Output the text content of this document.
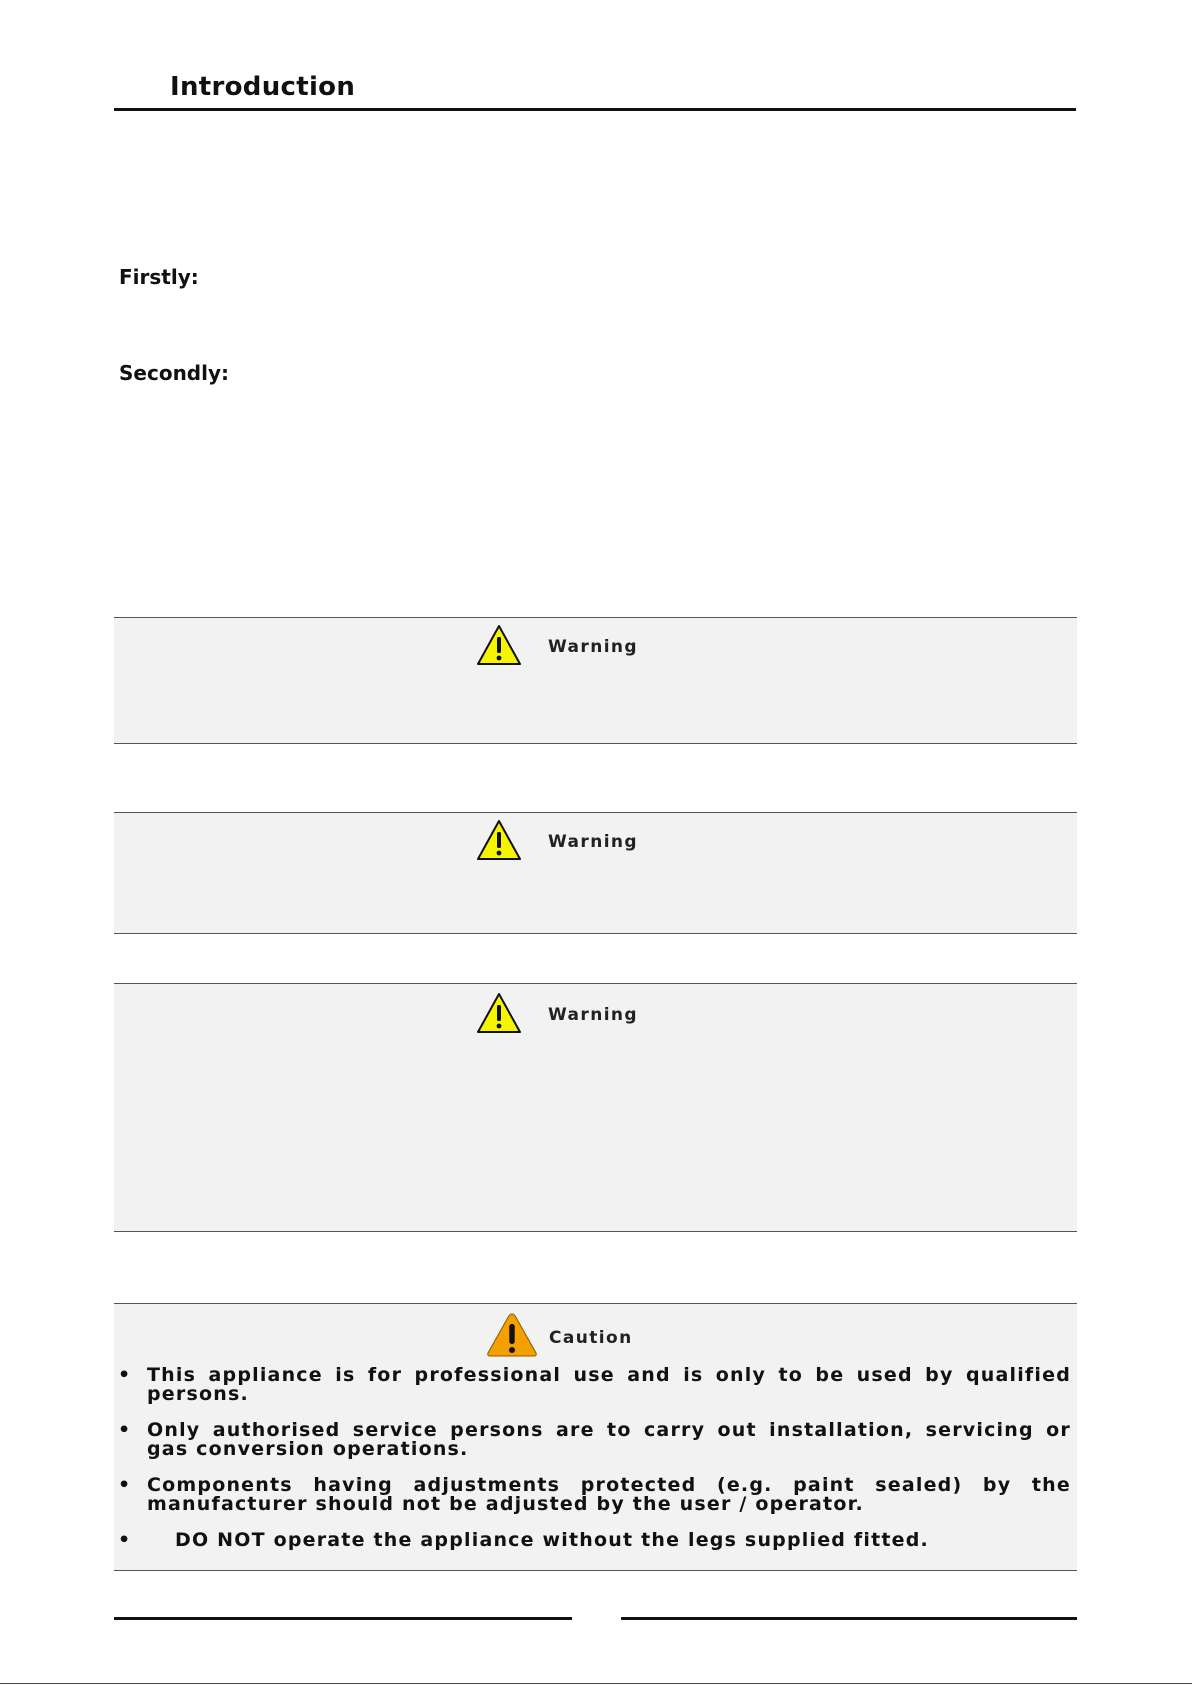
Introduction
Firstly:
Secondly:
Warning
Warning
Warning
Caution
• This appliance is for professional use and is only to be used by qualified persons.
• Only authorised service persons are to carry out installation, servicing or gas conversion operations.
• Components having adjustments protected (e.g. paint sealed) by the manufacturer should not be adjusted by the user / operator.
• DO NOT operate the appliance without the legs supplied fitted.
